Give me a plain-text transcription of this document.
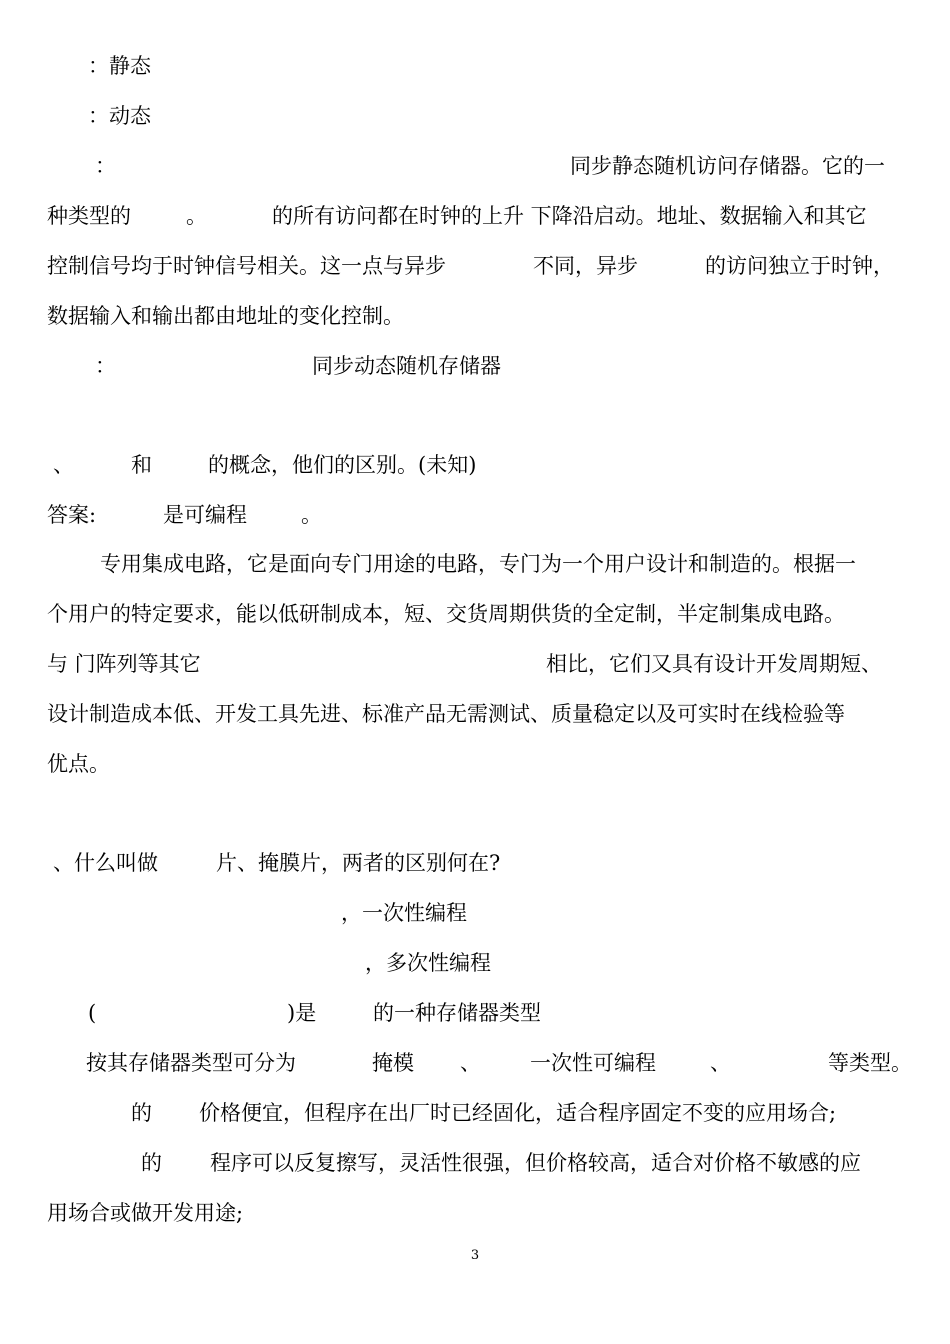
：静态
：动态
：	同步静态随机访问存储器。它的一
种类型的	。	的所有访问都在时钟的上升 下降沿启动。地址、数据输入和其它
控制信号均于时钟信号相关。这一点与异步	不同，异步	的访问独立于时钟，
数据输入和输出都由地址的变化控制。
：	同步动态随机存储器
、	和	的概念，他们的区别。(未知)
答案:	是可编程	。
专用集成电路，它是面向专门用途的电路，专门为一个用户设计和制造的。根据一
个用户的特定要求，能以低研制成本，短、交货周期供货的全定制，半定制集成电路。
与 门阵列等其它	相比，它们又具有设计开发周期短、
设计制造成本低、开发工具先进、标准产品无需测试、质量稳定以及可实时在线检验等
优点。
、什么叫做	片、掩膜片，两者的区别何在?
，一次性编程
，多次性编程
(	)是	的一种存储器类型
按其存储器类型可分为	掩模 、 一次性可编程	、	等类型。
的 价格便宜，但程序在出厂时已经固化，适合程序固定不变的应用场合;
的 程序可以反复擦写，灵活性很强，但价格较高，适合对价格不敏感的应
用场合或做开发用途;
3
